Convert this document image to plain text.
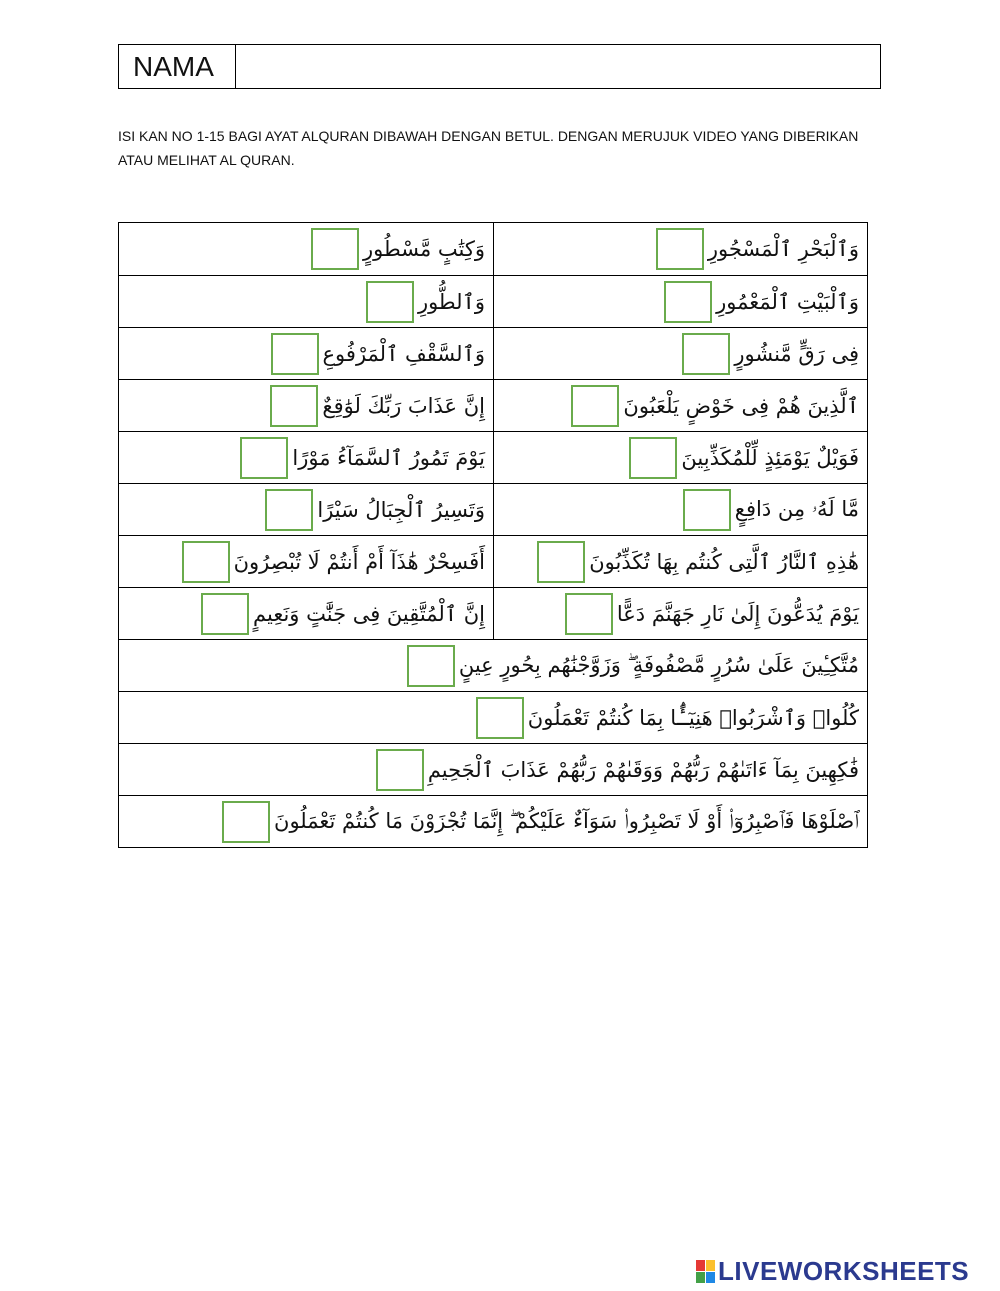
NAMA
ISI KAN NO 1-15 BAGI AYAT ALQURAN DIBAWAH DENGAN BETUL. DENGAN MERUJUK VIDEO YANG DIBERIKAN ATAU MELIHAT AL QURAN.
وَكِتَٰبٍ مَّسْطُورٍ	وَٱلْبَحْرِ ٱلْمَسْجُورِ
وَٱلطُّورِ	وَٱلْبَيْتِ ٱلْمَعْمُورِ
وَٱلسَّقْفِ ٱلْمَرْفُوعِ	فِى رَقٍّ مَّنشُورٍ
إِنَّ عَذَابَ رَبِّكَ لَوَٰقِعٌ	ٱلَّذِينَ هُمْ فِى خَوْضٍ يَلْعَبُونَ
يَوْمَ تَمُورُ ٱلسَّمَآءُ مَوْرًا	فَوَيْلٌ يَوْمَئِذٍ لِّلْمُكَذِّبِينَ
وَتَسِيرُ ٱلْجِبَالُ سَيْرًا	مَّا لَهُۥ مِن دَافِعٍ
أَفَسِحْرٌ هَٰذَآ أَمْ أَنتُمْ لَا تُبْصِرُونَ	هَٰذِهِ ٱلنَّارُ ٱلَّتِى كُنتُم بِهَا تُكَذِّبُونَ
إِنَّ ٱلْمُتَّقِينَ فِى جَنَّٰتٍ وَنَعِيمٍ	يَوْمَ يُدَعُّونَ إِلَىٰ نَارِ جَهَنَّمَ دَعًّا
مُتَّكِـِٔينَ عَلَىٰ سُرُرٍ مَّصْفُوفَةٍ ۖ وَزَوَّجْنَٰهُم بِحُورٍ عِينٍ
كُلُوا۟ وَٱشْرَبُوا۟ هَنِيٓـًٔۢا بِمَا كُنتُمْ تَعْمَلُونَ
فَٰكِهِينَ بِمَآ ءَاتَىٰهُمْ رَبُّهُمْ وَوَقَىٰهُمْ رَبُّهُمْ عَذَابَ ٱلْجَحِيمِ
ٱصْلَوْهَا فَٱصْبِرُوٓا۟ أَوْ لَا تَصْبِرُوا۟ سَوَآءٌ عَلَيْكُمْ ۖ إِنَّمَا تُجْزَوْنَ مَا كُنتُمْ تَعْمَلُونَ
LIVEWORKSHEETS
